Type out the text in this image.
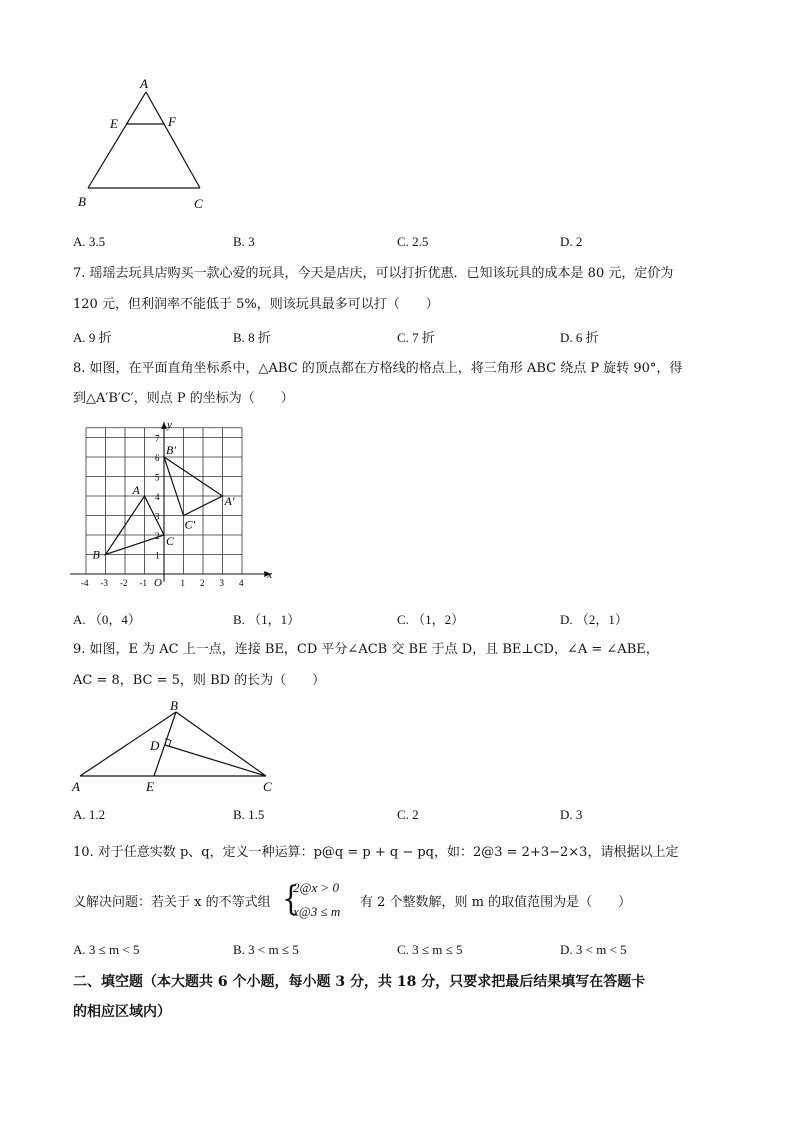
A
E	F
B	C
A. 3.5	B. 3	C. 2.5	D. 2
7. 瑶瑶去玩具店购买一款心爱的玩具，今天是店庆，可以打折优惠．已知该玩具的成本是 80 元，定价为
120 元，但利润率不能低于 5%，则该玩具最多可以打（　　）
A. 9 折	B. 8 折	C. 7 折	D. 6 折
8. 如图，在平面直角坐标系中，△ABC 的顶点都在方格线的格点上，将三角形 ABC 绕点 P 旋转 90°，得
到△A′B′C′，则点 P 的坐标为（　　）
x
y
O
-4 -3 -2 -1	1 2 3 4
1
2
3
4
5
6
7
A
B
C
A′
B′
C′
A. （0，4）	B. （1，1）	C. （1，2）	D. （2，1）
9. 如图，E 为 AC 上一点，连接 BE，CD 平分∠ACB 交 BE 于点 D，且 BE⊥CD，∠A = ∠ABE，
AC = 8，BC = 5，则 BD 的长为（　　）
B
D
A	E	C
A. 1.2	B. 1.5	C. 2	D. 3
10. 对于任意实数 p、q，定义一种运算：p@q = p + q − pq，如：2@3 = 2+3−2×3，请根据以上定
义解决问题：若关于 x 的不等式组 {
2@x > 0
x@3 ≤ m
有 2 个整数解，则 m 的取值范围为是（　　）
A. 3 ≤ m < 5	B. 3 < m ≤ 5	C. 3 ≤ m ≤ 5	D. 3 < m < 5
二、填空题（本大题共 6 个小题，每小题 3 分，共 18 分，只要求把最后结果填写在答题卡
的相应区域内）
